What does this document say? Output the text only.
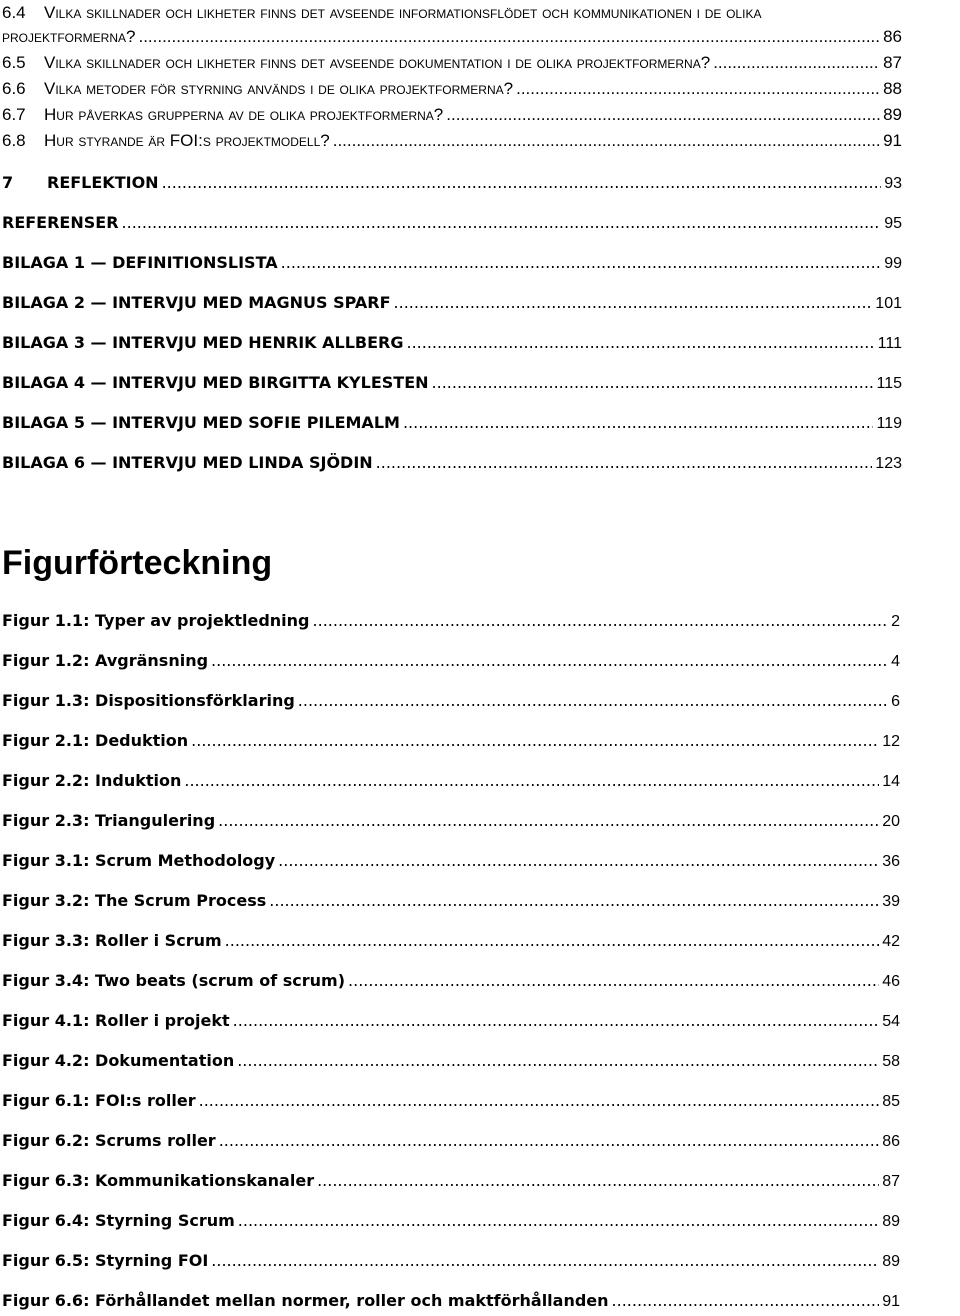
6.4 Vilka skillnader och likheter finns det avseende informationsflödet och kommunikationen i de olika
projektformerna? .....	86
6.5	Vilka skillnader och likheter finns det avseende dokumentation i de olika projektformerna? .....	87
6.6	Vilka metoder för styrning används i de olika projektformerna? .....	88
6.7	Hur påverkas grupperna av de olika projektformerna? .....	89
6.8	Hur styrande är FOI:s projektmodell? .....	91
7	REFLEKTION .....	93
REFERENSER .....	95
BILAGA 1 — DEFINITIONSLISTA .....	99
BILAGA 2 — INTERVJU MED MAGNUS SPARF .....	101
BILAGA 3 — INTERVJU MED HENRIK ALLBERG .....	111
BILAGA 4 — INTERVJU MED BIRGITTA KYLESTEN .....	115
BILAGA 5 — INTERVJU MED SOFIE PILEMALM .....	119
BILAGA 6 — INTERVJU MED LINDA SJÖDIN .....	123
Figurförteckning
Figur 1.1: Typer av projektledning .....	2
Figur 1.2: Avgränsning .....	4
Figur 1.3: Dispositionsförklaring .....	6
Figur 2.1: Deduktion .....	12
Figur 2.2: Induktion .....	14
Figur 2.3: Triangulering .....	20
Figur 3.1: Scrum Methodology .....	36
Figur 3.2: The Scrum Process .....	39
Figur 3.3: Roller i Scrum .....	42
Figur 3.4: Two beats (scrum of scrum) .....	46
Figur 4.1: Roller i projekt .....	54
Figur 4.2: Dokumentation .....	58
Figur 6.1: FOI:s roller .....	85
Figur 6.2: Scrums roller .....	86
Figur 6.3: Kommunikationskanaler .....	87
Figur 6.4: Styrning Scrum .....	89
Figur 6.5: Styrning FOI .....	89
Figur 6.6: Förhållandet mellan normer, roller och maktförhållanden .....	91
